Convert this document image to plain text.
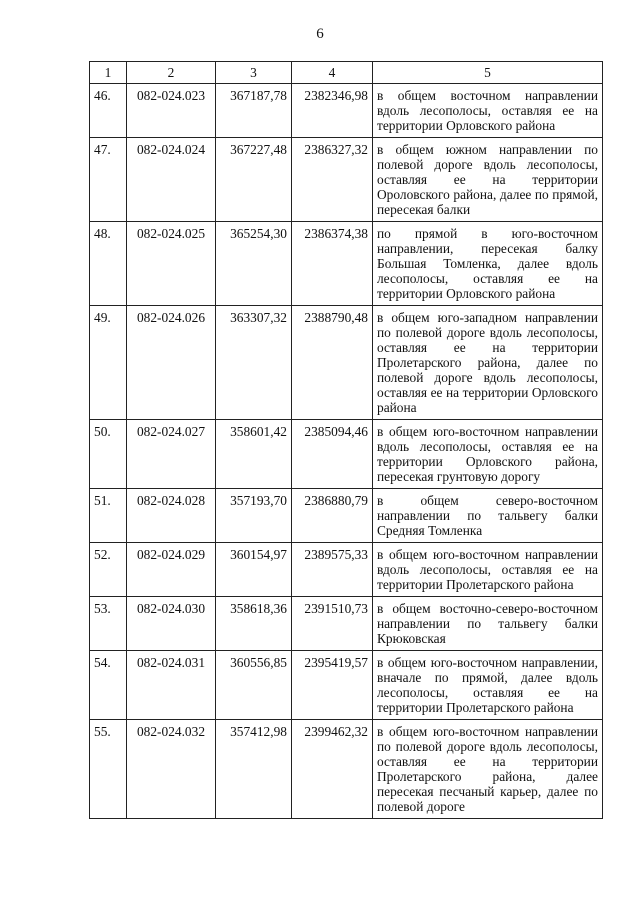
6
1	2	3	4	5
46.	082-024.023	367187,78	2382346,98	в общем восточном направлении вдоль лесополосы, оставляя ее на территории Орловского района
47.	082-024.024	367227,48	2386327,32	в общем южном направлении по полевой дороге вдоль лесополосы, оставляя ее на территории Ороловского района, далее по прямой, пересекая балки
48.	082-024.025	365254,30	2386374,38	по прямой в юго-восточном направлении, пересекая балку Большая Томленка, далее вдоль лесополосы, оставляя ее на территории Орловского района
49.	082-024.026	363307,32	2388790,48	в общем юго-западном направлении по полевой дороге вдоль лесополосы, оставляя ее на территории Пролетарского района, далее по полевой дороге вдоль лесополосы, оставляя ее на территории Орловского района
50.	082-024.027	358601,42	2385094,46	в общем юго-восточном направлении вдоль лесополосы, оставляя ее на территории Орловского района, пересекая грунтовую дорогу
51.	082-024.028	357193,70	2386880,79	в общем северо-восточном направлении по тальвегу балки Средняя Томленка
52.	082-024.029	360154,97	2389575,33	в общем юго-восточном направлении вдоль лесополосы, оставляя ее на территории Пролетарского района
53.	082-024.030	358618,36	2391510,73	в общем восточно-северо-восточном направлении по тальвегу балки Крюковская
54.	082-024.031	360556,85	2395419,57	в общем юго-восточном направлении, вначале по прямой, далее вдоль лесополосы, оставляя ее на территории Пролетарского района
55.	082-024.032	357412,98	2399462,32	в общем юго-восточном направлении по полевой дороге вдоль лесополосы, оставляя ее на территории Пролетарского района, далее пересекая песчаный карьер, далее по полевой дороге
